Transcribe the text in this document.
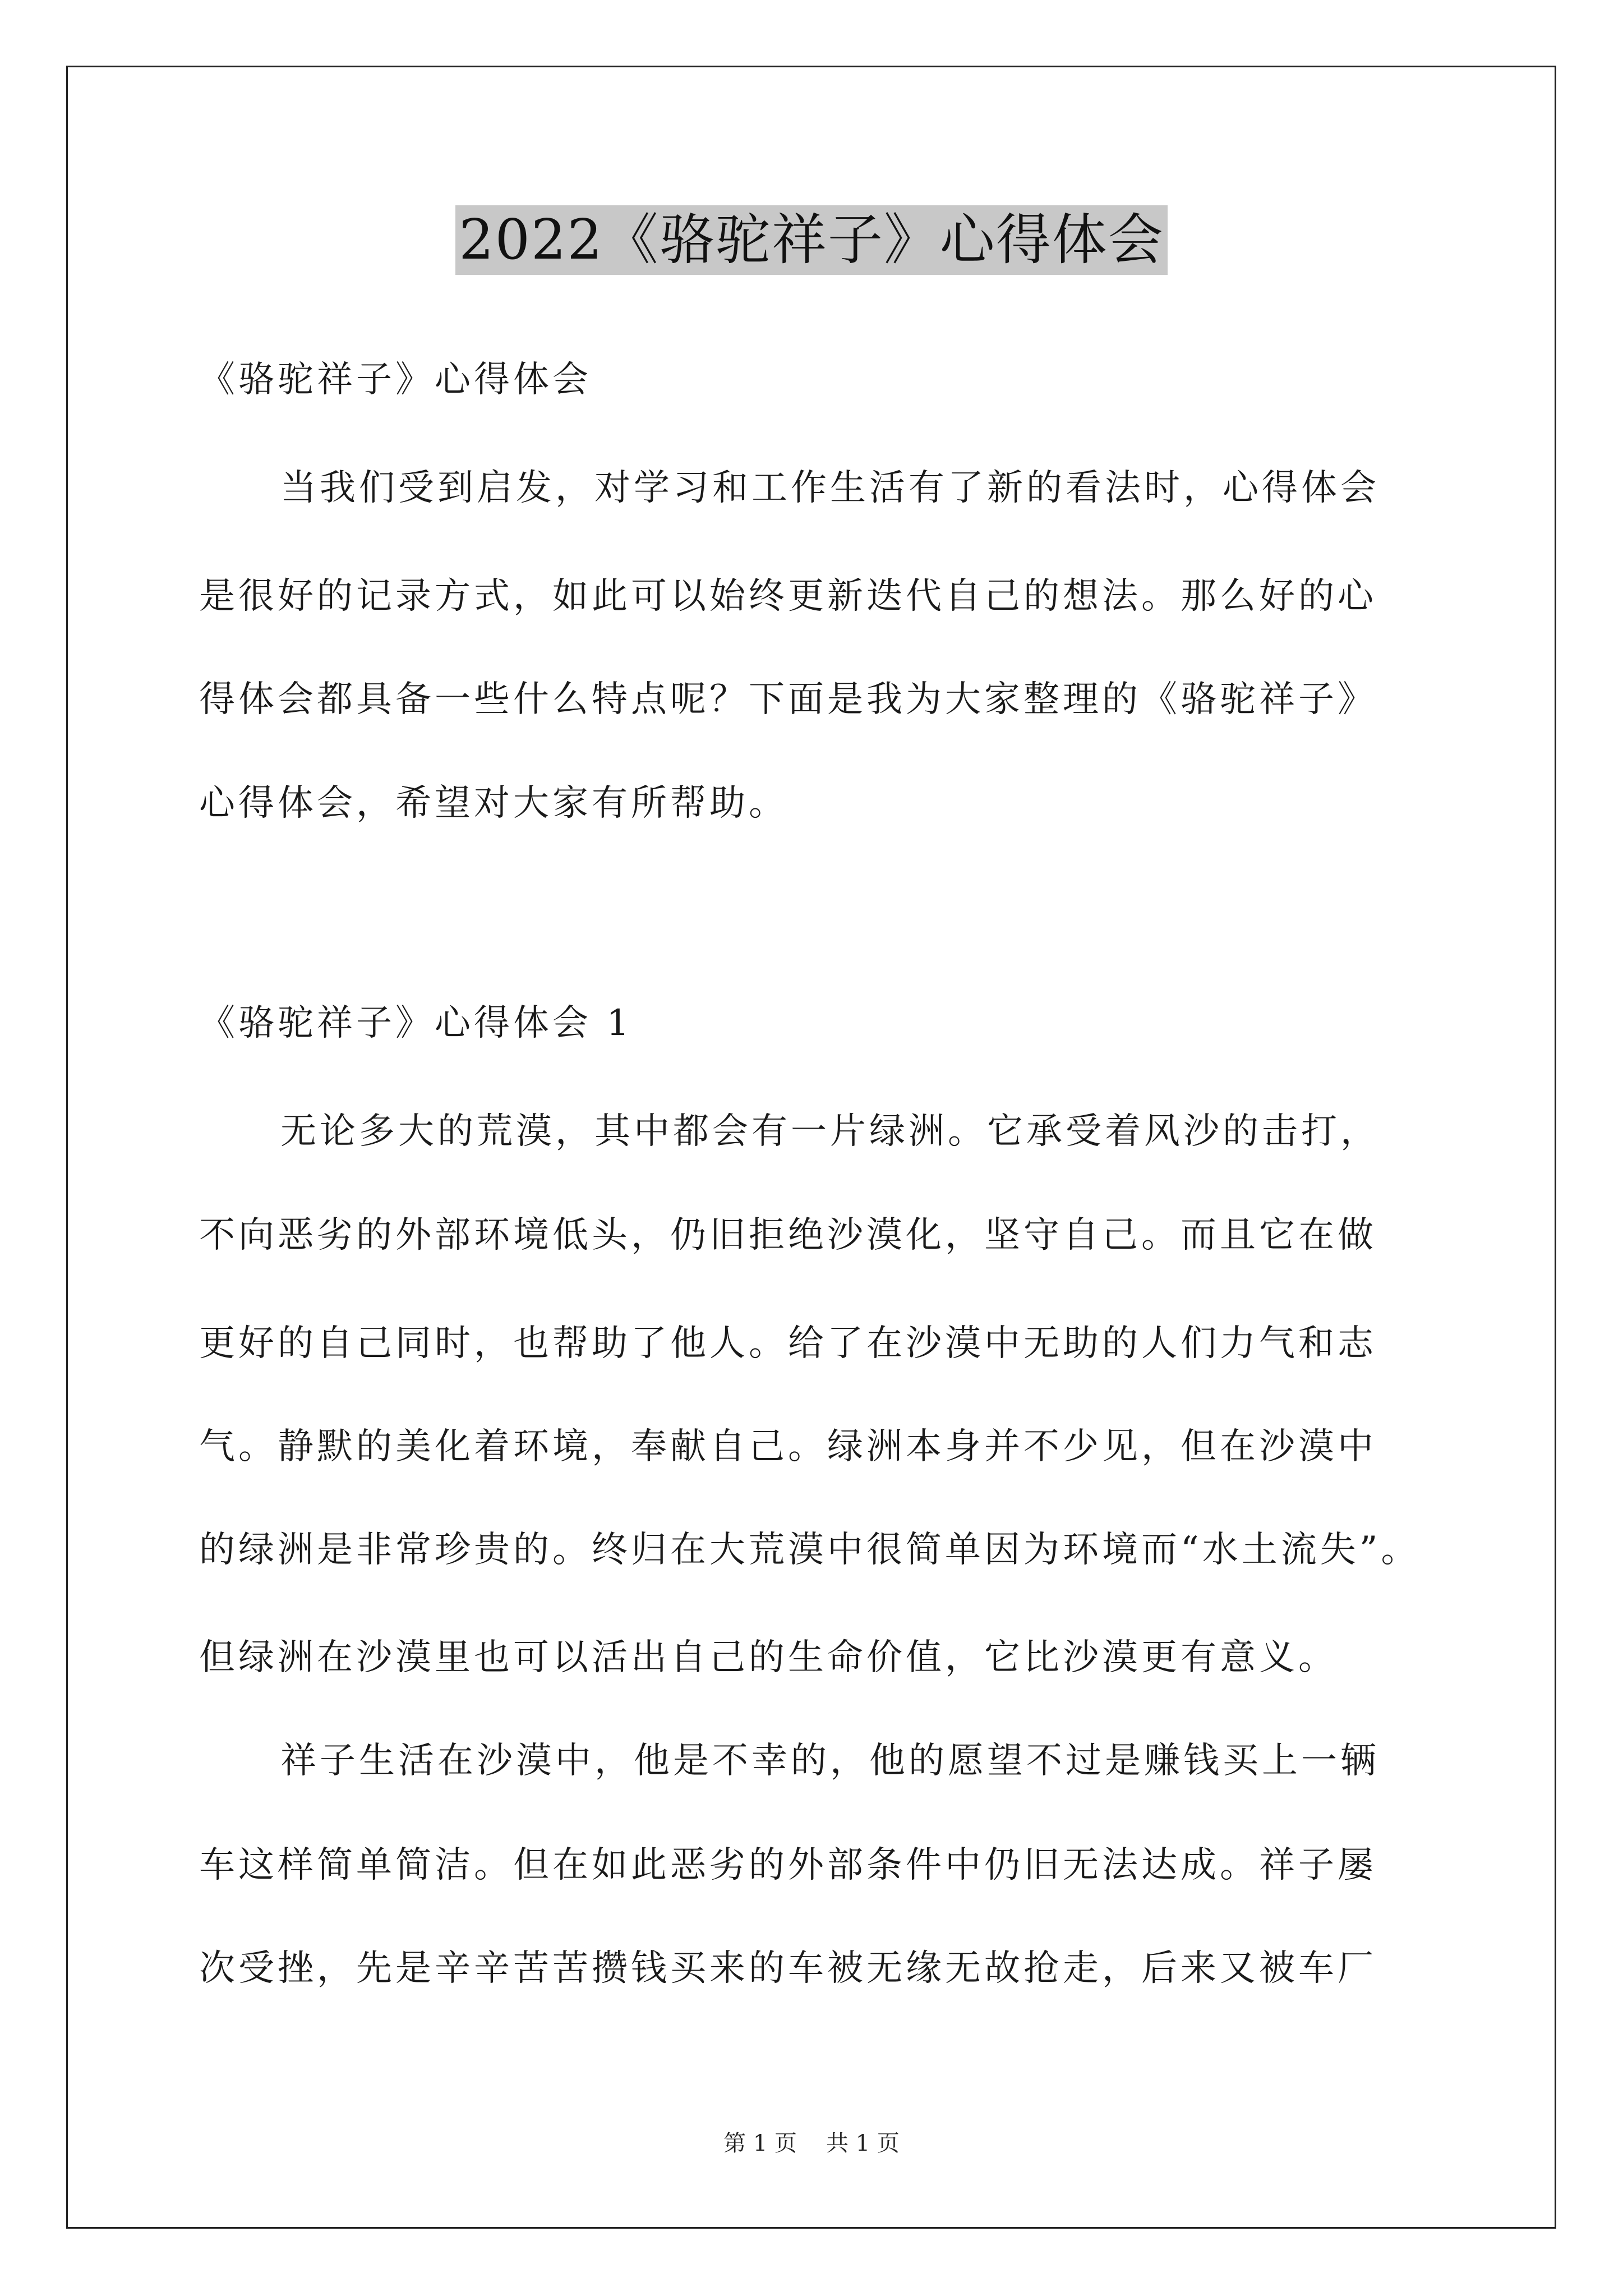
2022《骆驼祥子》心得体会
《骆驼祥子》心得体会
当我们受到启发，对学习和工作生活有了新的看法时，心得体会
是很好的记录方式，如此可以始终更新迭代自己的想法。那么好的心
得体会都具备一些什么特点呢？下面是我为大家整理的《骆驼祥子》
心得体会，希望对大家有所帮助。
《骆驼祥子》心得体会 1
无论多大的荒漠，其中都会有一片绿洲。它承受着风沙的击打，
不向恶劣的外部环境低头，仍旧拒绝沙漠化，坚守自己。而且它在做
更好的自己同时，也帮助了他人。给了在沙漠中无助的人们力气和志
气。静默的美化着环境，奉献自己。绿洲本身并不少见，但在沙漠中
的绿洲是非常珍贵的。终归在大荒漠中很简单因为环境而“水土流失”。
但绿洲在沙漠里也可以活出自己的生命价值，它比沙漠更有意义。
祥子生活在沙漠中，他是不幸的，他的愿望不过是赚钱买上一辆
车这样简单简洁。但在如此恶劣的外部条件中仍旧无法达成。祥子屡
次受挫，先是辛辛苦苦攒钱买来的车被无缘无故抢走，后来又被车厂
第 1 页 共 1 页
